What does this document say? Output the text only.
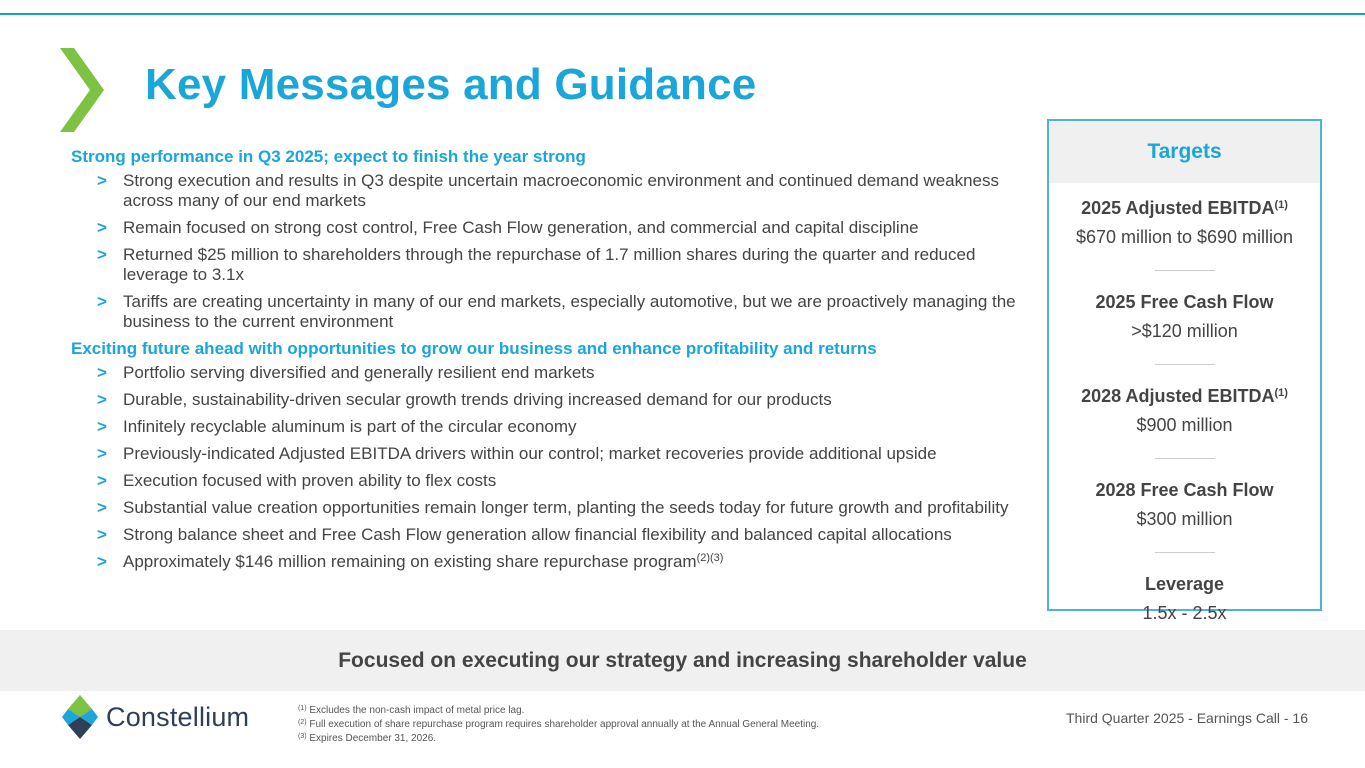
Key Messages and Guidance
Strong performance in Q3 2025; expect to finish the year strong
> Strong execution and results in Q3 despite uncertain macroeconomic environment and continued demand weakness across many of our end markets
> Remain focused on strong cost control, Free Cash Flow generation, and commercial and capital discipline
> Returned $25 million to shareholders through the repurchase of 1.7 million shares during the quarter and reduced leverage to 3.1x
> Tariffs are creating uncertainty in many of our end markets, especially automotive, but we are proactively managing the business to the current environment
Exciting future ahead with opportunities to grow our business and enhance profitability and returns
> Portfolio serving diversified and generally resilient end markets
> Durable, sustainability-driven secular growth trends driving increased demand for our products
> Infinitely recyclable aluminum is part of the circular economy
> Previously-indicated Adjusted EBITDA drivers within our control; market recoveries provide additional upside
> Execution focused with proven ability to flex costs
> Substantial value creation opportunities remain longer term, planting the seeds today for future growth and profitability
> Strong balance sheet and Free Cash Flow generation allow financial flexibility and balanced capital allocations
> Approximately $146 million remaining on existing share repurchase program$^{(2)(3)}$
Targets
2025 Adjusted EBITDA$^{(1)}$
$670 million to $690 million
2025 Free Cash Flow
>$120 million
2028 Adjusted EBITDA$^{(1)}$
$900 million
2028 Free Cash Flow
$300 million
Leverage
1.5x - 2.5x
Focused on executing our strategy and increasing shareholder value
Constellium	$^{(1)}$ Excludes the non-cash impact of metal price lag.
$^{(2)}$ Full execution of share repurchase program requires shareholder approval annually at the Annual General Meeting.
$^{(3)}$ Expires December 31, 2026.
Third Quarter 2025 - Earnings Call - 16
